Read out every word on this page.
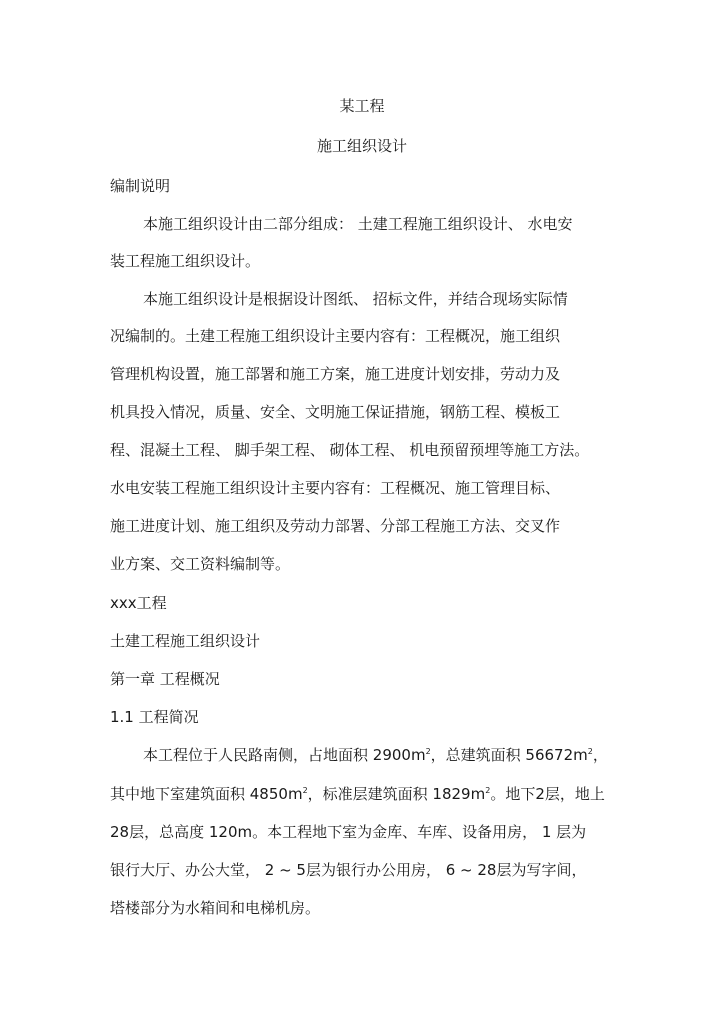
某工程
施工组织设计
编制说明
本施工组织设计由二部分组成： 土建工程施工组织设计、 水电安
装工程施工组织设计。
本施工组织设计是根据设计图纸、 招标文件，并结合现场实际情
况编制的。土建工程施工组织设计主要内容有：工程概况，施工组织
管理机构设置，施工部署和施工方案，施工进度计划安排，劳动力及
机具投入情况，质量、安全、文明施工保证措施，钢筋工程、模板工
程、混凝土工程、 脚手架工程、 砌体工程、 机电预留预埋等施工方法。
水电安装工程施工组织设计主要内容有：工程概况、施工管理目标、
施工进度计划、施工组织及劳动力部署、分部工程施工方法、交叉作
业方案、交工资料编制等。
xxx工程
土建工程施工组织设计
第一章 工程概况
1.1 工程简况
本工程位于人民路南侧，占地面积 $2900m^2$，总建筑面积 $56672m^2$，
其中地下室建筑面积 $4850m^2$，标准层建筑面积 $1829m^2$。地下2层，地上
28层，总高度 120m。本工程地下室为金库、车库、设备用房， 1 层为
银行大厅、办公大堂， 2 ~ 5层为银行办公用房， 6 ~ 28层为写字间，
塔楼部分为水箱间和电梯机房。
